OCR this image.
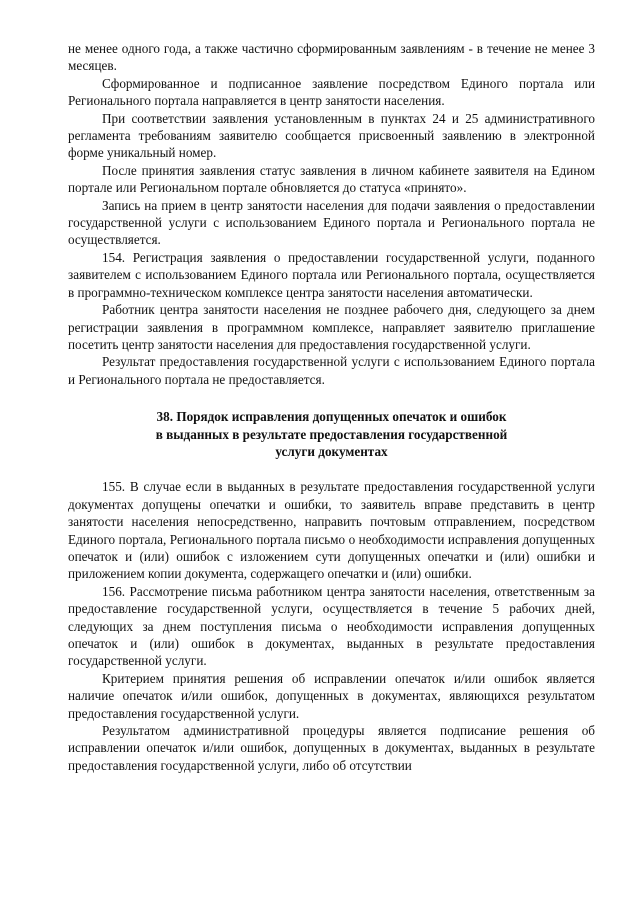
не менее одного года, а также частично сформированным заявлениям - в течение не менее 3 месяцев.

Сформированное и подписанное заявление посредством Единого портала или Регионального портала направляется в центр занятости населения.

При соответствии заявления установленным в пунктах 24 и 25 административного регламента требованиям заявителю сообщается присвоенный заявлению в электронной форме уникальный номер.

После принятия заявления статус заявления в личном кабинете заявителя на Едином портале или Региональном портале обновляется до статуса «принято».

Запись на прием в центр занятости населения для подачи заявления о предоставлении государственной услуги с использованием Единого портала и Регионального портала не осуществляется.

154. Регистрация заявления о предоставлении государственной услуги, поданного заявителем с использованием Единого портала или Регионального портала, осуществляется в программно-техническом комплексе центра занятости населения автоматически.

Работник центра занятости населения не позднее рабочего дня, следующего за днем регистрации заявления в программном комплексе, направляет заявителю приглашение посетить центр занятости населения для предоставления государственной услуги.

Результат предоставления государственной услуги с использованием Единого портала и Регионального портала не предоставляется.

38. Порядок исправления допущенных опечаток и ошибок
в выданных в результате предоставления государственной
услуги документах

155. В случае если в выданных в результате предоставления государственной услуги документах допущены опечатки и ошибки, то заявитель вправе представить в центр занятости населения непосредственно, направить почтовым отправлением, посредством Единого портала, Регионального портала письмо о необходимости исправления допущенных опечаток и (или) ошибок с изложением сути допущенных опечатки и (или) ошибки и приложением копии документа, содержащего опечатки и (или) ошибки.

156. Рассмотрение письма работником центра занятости населения, ответственным за предоставление государственной услуги, осуществляется в течение 5 рабочих дней, следующих за днем поступления письма о необходимости исправления допущенных опечаток и (или) ошибок в документах, выданных в результате предоставления государственной услуги.

Критерием принятия решения об исправлении опечаток и/или ошибок является наличие опечаток и/или ошибок, допущенных в документах, являющихся результатом предоставления государственной услуги.

Результатом административной процедуры является подписание решения об исправлении опечаток и/или ошибок, допущенных в документах, выданных в результате предоставления государственной услуги, либо об отсутствии
